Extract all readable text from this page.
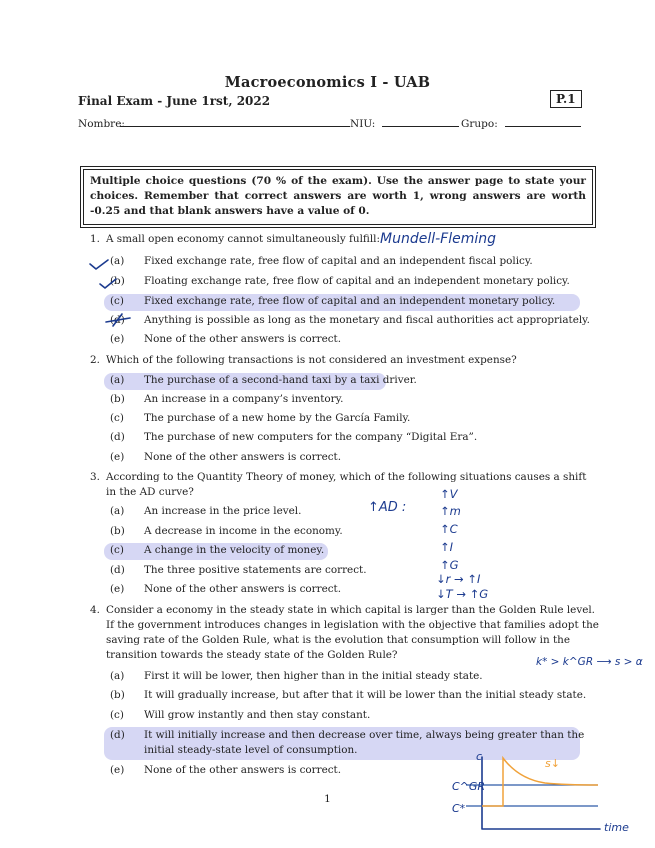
Macroeconomics I - UAB
Final Exam - June 1rst, 2022	P.1
Nombre:	NIU:	Grupo:
Multiple choice questions (70 % of the exam). Use the answer page to state your choices. Remember that correct answers are worth 1, wrong answers are worth -0.25 and that blank answers have a value of 0.
1. A small open economy cannot simultaneously fulfill:
(a)	Fixed exchange rate, free flow of capital and an independent fiscal policy.
(b)	Floating exchange rate, free flow of capital and an independent monetary policy.
(c)	Fixed exchange rate, free flow of capital and an independent monetary policy.
(d)	Anything is possible as long as the monetary and fiscal authorities act appropriately.
(e)	None of the other answers is correct.
2. Which of the following transactions is not considered an investment expense?
(a)	The purchase of a second-hand taxi by a taxi driver.
(b)	An increase in a company’s inventory.
(c)	The purchase of a new home by the García Family.
(d)	The purchase of new computers for the company “Digital Era”.
(e)	None of the other answers is correct.
3. According to the Quantity Theory of money, which of the following situations causes a shift
in the AD curve?
(a)	An increase in the price level.
(b)	A decrease in income in the economy.
(c)	A change in the velocity of money.
(d)	The three positive statements are correct.
(e)	None of the other answers is correct.
4. Consider a economy in the steady state in which capital is larger than the Golden Rule level.
If the government introduces changes in legislation with the objective that families adopt the
saving rate of the Golden Rule, what is the evolution that consumption will follow in the
transition towards the steady state of the Golden Rule?
(a)	First it will be lower, then higher than in the initial steady state.
(b)	It will gradually increase, but after that it will be lower than the initial steady state.
(c)	Will grow instantly and then stay constant.
(d)	It will initially increase and then decrease over time, always being greater than the
initial steady-state level of consumption.
(e)	None of the other answers is correct.
1
Mundell-Fleming
↑AD :
↑V
↑m
↑C
↑I
↑G
↓r → ↑I
↓T → ↑G
k* > k^GR ⟶ s > α
c
C^GR
C*
time
s↓
